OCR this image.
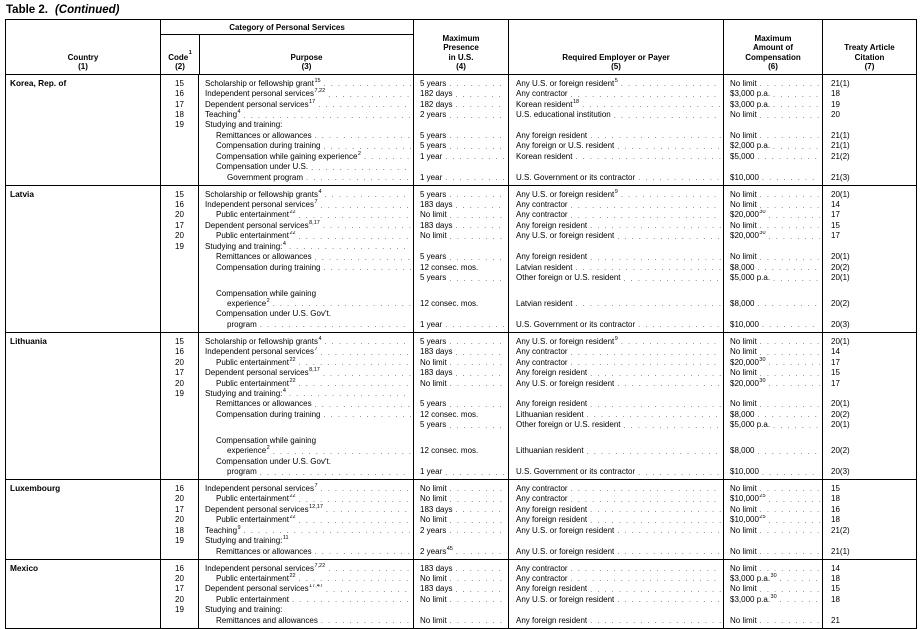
Table 2. (Continued)
Country
(1)
Category of Personal Services
Code$^1$
(2)
Purpose
(3)
Maximum
Presence
in U.S.
(4)
Required Employer or Payer
(5)
Maximum
Amount of
Compensation
(6)
Treaty Article
Citation
(7)
Korea, Rep. of	15	Scholarship or fellowship grant$^{15}$ . . .	5 years . . .	Any U.S. or foreign resident$^5$ . . .	No limit . . .	21(1)
16	Independent personal services$^{7,22}$ . . .	182 days . . .	Any contractor . . .	$3,000 p.a. . . .	18
17	Dependent personal services$^{17}$ . . .	182 days . . .	Korean resident$^{18}$ . . .	$3,000 p.a. . . .	19
18	Teaching$^4$ . . .	2 years . . .	U.S. educational institution . . .	No limit . . .	20
19	Studying and training:
Remittances or allowances . . .	5 years . . .	Any foreign resident . . .	No limit . . .	21(1)
Compensation during training . . .	5 years . . .	Any foreign or U.S. resident . . .	$2,000 p.a. . . .	21(1)
Compensation while gaining experience$^2$ . . .	1 year . . .	Korean resident . . .	$5,000 . . .	21(2)
Compensation under U.S.
. . .
Government program . . .	1 year . . .	U.S. Government or its contractor . . .	$10,000 . . .	21(3)
Latvia	15	Scholarship or fellowship grants$^4$ . . .	5 years . . .	Any U.S. or foreign resident$^9$ . . .	No limit . . .	20(1)
16	Independent personal services$^7$ . . .	183 days . . .	Any contractor . . .	No limit . . .	14
20	Public entertainment$^{22}$ . . .	No limit . . .	Any contractor . . .	$20,000$^{30}$ . . .	17
17	Dependent personal services$^{8,17}$ . . .	183 days . . .	Any foreign resident . . .	No limit . . .	15
20	Public entertainment$^{22}$ . . .	No limit . . .	Any U.S. or foreign resident . . .	$20,000$^{30}$ . . .	17
19	Studying and training:$^4$
. . .
Remittances or allowances . . .	5 years . . .	Any foreign resident . . .	No limit . . .	20(1)
Compensation during training . . .	12 consec. mos.	Latvian resident . . .	$8,000 . . .	20(2)
5 years . . .	Other foreign or U.S. resident . . .	$5,000 p.a. . . .	20(1)
Compensation while gaining
experience$^2$ . . .	12 consec. mos.	Latvian resident . . .	$8,000 . . .	20(2)
Compensation under U.S. Gov't.
program . . .	1 year . . .	U.S. Government or its contractor . . .	$10,000 . . .	20(3)
Lithuania	15	Scholarship or fellowship grants$^4$ . . .	5 years . . .	Any U.S. or foreign resident$^9$ . . .	No limit . . .	20(1)
16	Independent personal services$^7$ . . .	183 days . . .	Any contractor . . .	No limit . . .	14
20	Public entertainment$^{22}$ . . .	No limit . . .	Any contractor . . .	$20,000$^{30}$ . . .	17
17	Dependent personal services$^{8,17}$ . . .	183 days . . .	Any foreign resident . . .	No limit . . .	15
20	Public entertainment$^{22}$ . . .	No limit . . .	Any U.S. or foreign resident . . .	$20,000$^{30}$ . . .	17
19	Studying and training:$^4$
. . .
Remittances or allowances . . .	5 years . . .	Any foreign resident . . .	No limit . . .	20(1)
Compensation during training . . .	12 consec. mos.	Lithuanian resident . . .	$8,000 . . .	20(2)
5 years . . .	Other foreign or U.S. resident . . .	$5,000 p.a. . . .	20(1)
Compensation while gaining
experience$^2$ . . .	12 consec. mos.	Lithuanian resident . . .	$8,000 . . .	20(2)
Compensation under U.S. Gov't.
program . . .	1 year . . .	U.S. Government or its contractor . . .	$10,000 . . .	20(3)
Luxembourg	16	Independent personal services$^7$ . . .	No limit . . .	Any contractor . . .	No limit . . .	15
20	Public entertainment$^{22}$ . . .	No limit . . .	Any contractor . . .	$10,000$^{25}$ . . .	18
17	Dependent personal services$^{12,17}$ . . .	183 days . . .	Any foreign resident . . .	No limit . . .	16
20	Public entertainment$^{22}$ . . .	No limit . . .	Any foreign resident . . .	$10,000$^{25}$ . . .	18
18	Teaching$^9$ . . .	2 years . . .	Any U.S. or foreign resident . . .	No limit . . .	21(2)
19	Studying and training:$^{11}$
Remittances or allowances . . .	2 years$^{45}$ . . .	Any U.S. or foreign resident . . .	No limit . . .	21(1)
Mexico	16	Independent personal services$^{7,22}$ . . .	183 days . . .	Any contractor . . .	No limit . . .	14
20	Public entertainment$^{22}$ . . .	No limit . . .	Any contractor . . .	$3,000 p.a.$^{30}$ . . .	18
17	Dependent personal services$^{17,47}$ . . .	183 days . . .	Any foreign resident . . .	No limit . . .	15
20	Public entertainment . . .	No limit . . .	Any U.S. or foreign resident . . .	$3,000 p.a.$^{30}$ . . .	18
19	Studying and training:
Remittances and allowances . . .	No limit . . .	Any foreign resident . . .	No limit . . .	21
